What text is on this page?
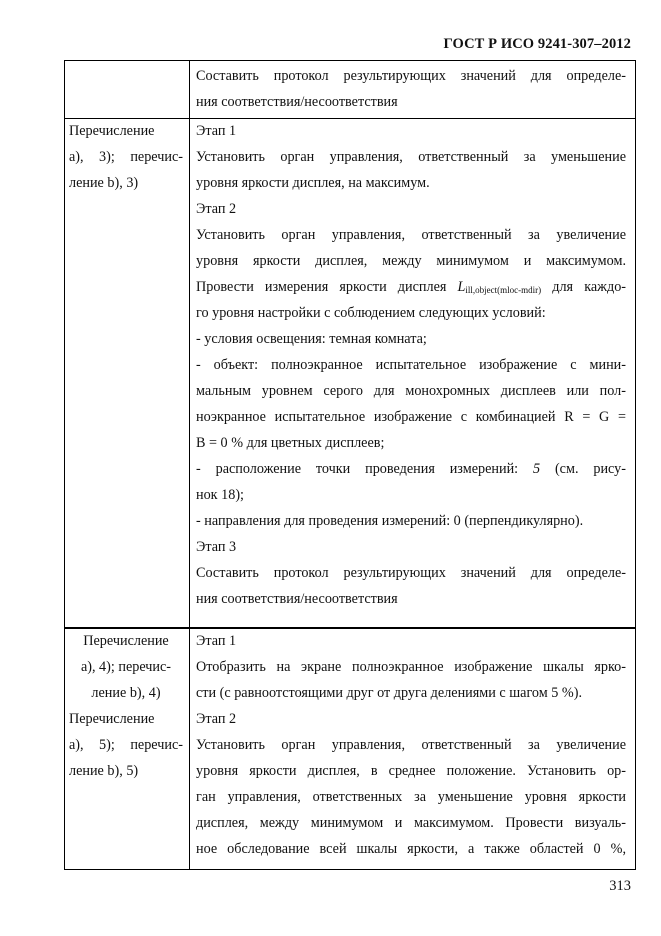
ГОСТ Р ИСО 9241-307–2012
Составить протокол результирующих значений для определе-
ния соответствия/несоответствия
Перечисление
а), 3); перечис-
ление b), 3)
Этап 1
Установить орган управления, ответственный за уменьшение
уровня яркости дисплея, на максимум.
Этап 2
Установить орган управления, ответственный за увеличение
уровня яркости дисплея, между минимумом и максимумом.
Провести измерения яркости дисплея $L_{ill,object(mloc-mdir)}$ для каждо-
го уровня настройки с соблюдением следующих условий:
- условия освещения: темная комната;
- объект: полноэкранное испытательное изображение с мини-
мальным уровнем серого для монохромных дисплеев или пол-
ноэкранное испытательное изображение с комбинацией R = G =
B = 0 % для цветных дисплеев;
- расположение точки проведения измерений: 5 (см. рису-
нок 18);
- направления для проведения измерений: 0 (перпендикулярно).
Этап 3
Составить протокол результирующих значений для определе-
ния соответствия/несоответствия
Перечисление
а), 4); перечис-
ление b), 4)
Перечисление
а), 5); перечис-
ление b), 5)
Этап 1
Отобразить на экране полноэкранное изображение шкалы ярко-
сти (с равноотстоящими друг от друга делениями с шагом 5 %).
Этап 2
Установить орган управления, ответственный за увеличение
уровня яркости дисплея, в среднее положение. Установить ор-
ган управления, ответственных за уменьшение уровня яркости
дисплея, между минимумом и максимумом. Провести визуаль-
ное обследование всей шкалы яркости, а также областей 0 %,
313
